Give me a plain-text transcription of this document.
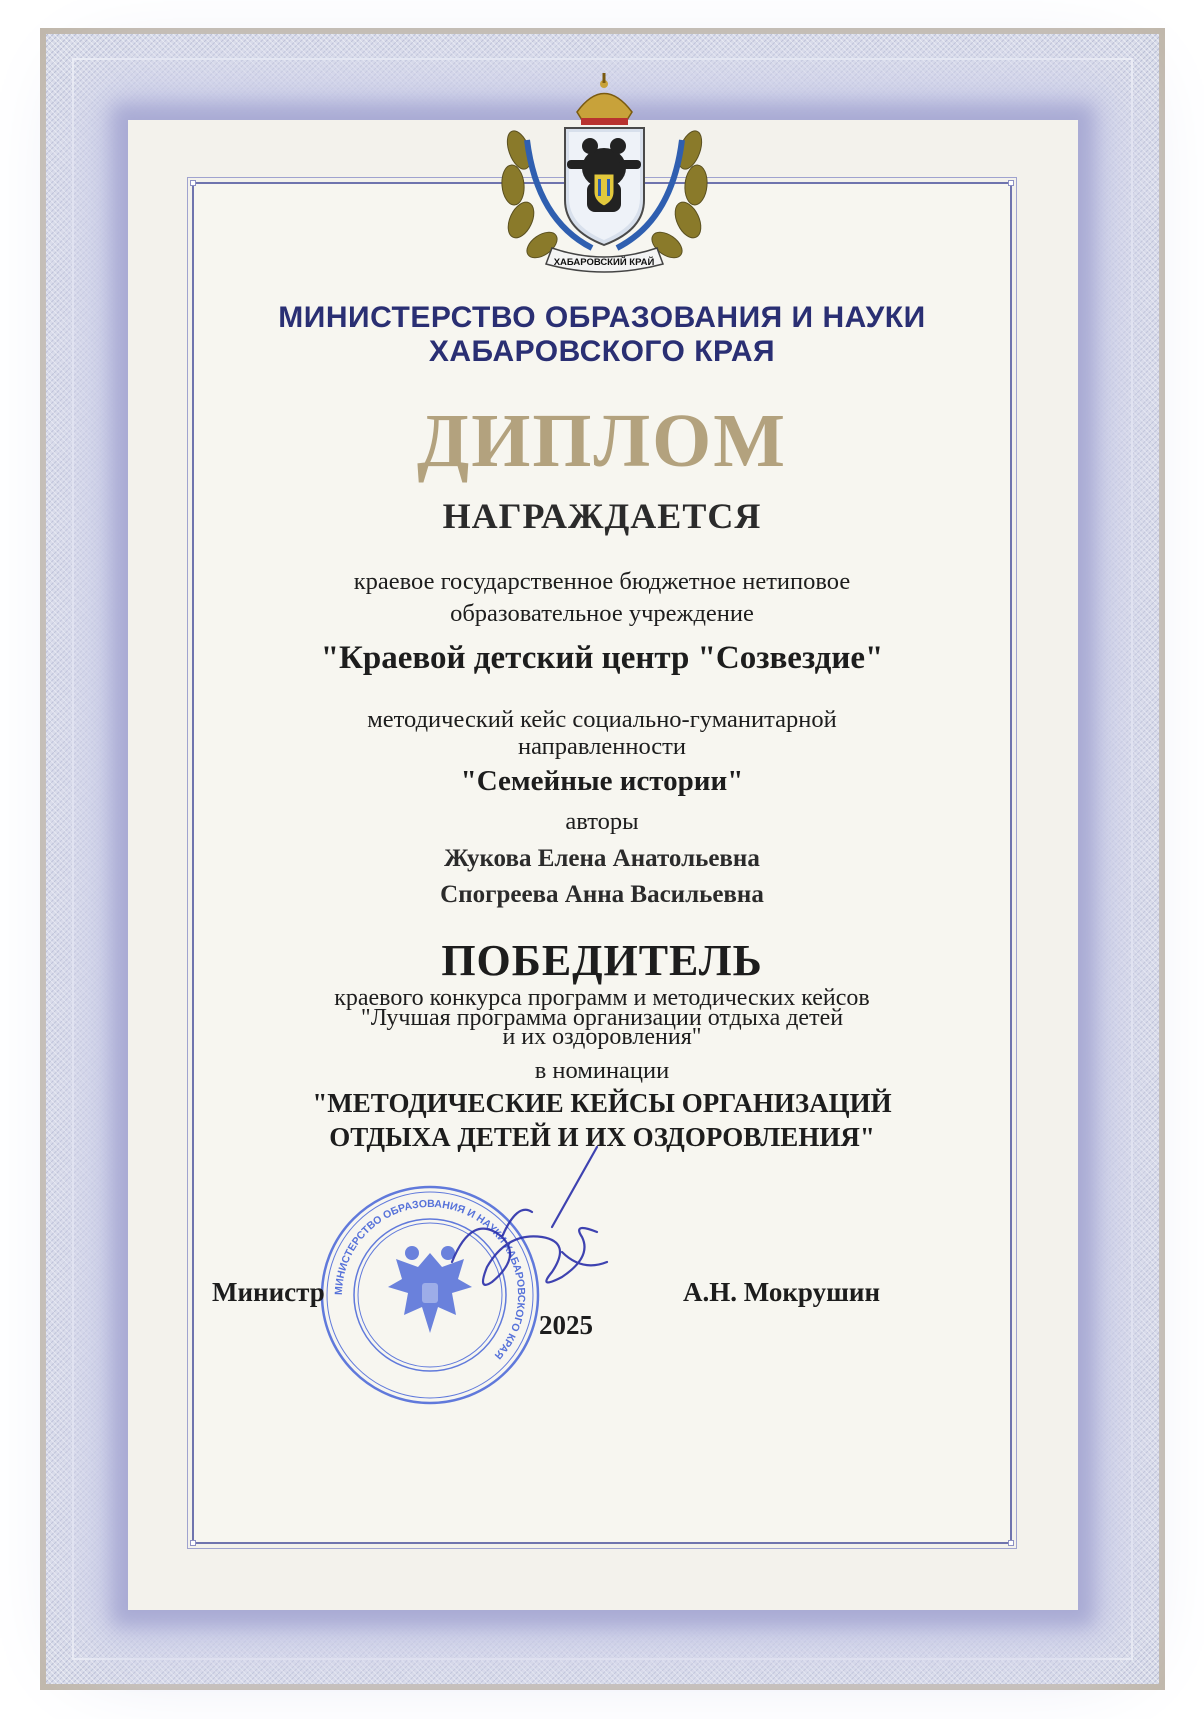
ХАБАРОВСКИЙ КРАЙ
МИНИСТЕРСТВО ОБРАЗОВАНИЯ И НАУКИ
ХАБАРОВСКОГО КРАЯ
ДИПЛОМ
НАГРАЖДАЕТСЯ
краевое государственное бюджетное нетиповое
образовательное учреждение
"Краевой детский центр "Созвездие"
методический кейс социально-гуманитарной
направленности
"Семейные истории"
авторы
Жукова Елена Анатольевна
Спогреева Анна Васильевна
ПОБЕДИТЕЛЬ
краевого конкурса программ и методических кейсов
"Лучшая программа организации отдыха детей
и их оздоровления"
в номинации
"МЕТОДИЧЕСКИЕ КЕЙСЫ ОРГАНИЗАЦИЙ
ОТДЫХА ДЕТЕЙ И ИХ ОЗДОРОВЛЕНИЯ"
МИНИСТЕРСТВО ОБРАЗОВАНИЯ И НАУКИ ХАБАРОВСКОГО КРАЯ
Министр
2025
А.Н. Мокрушин
